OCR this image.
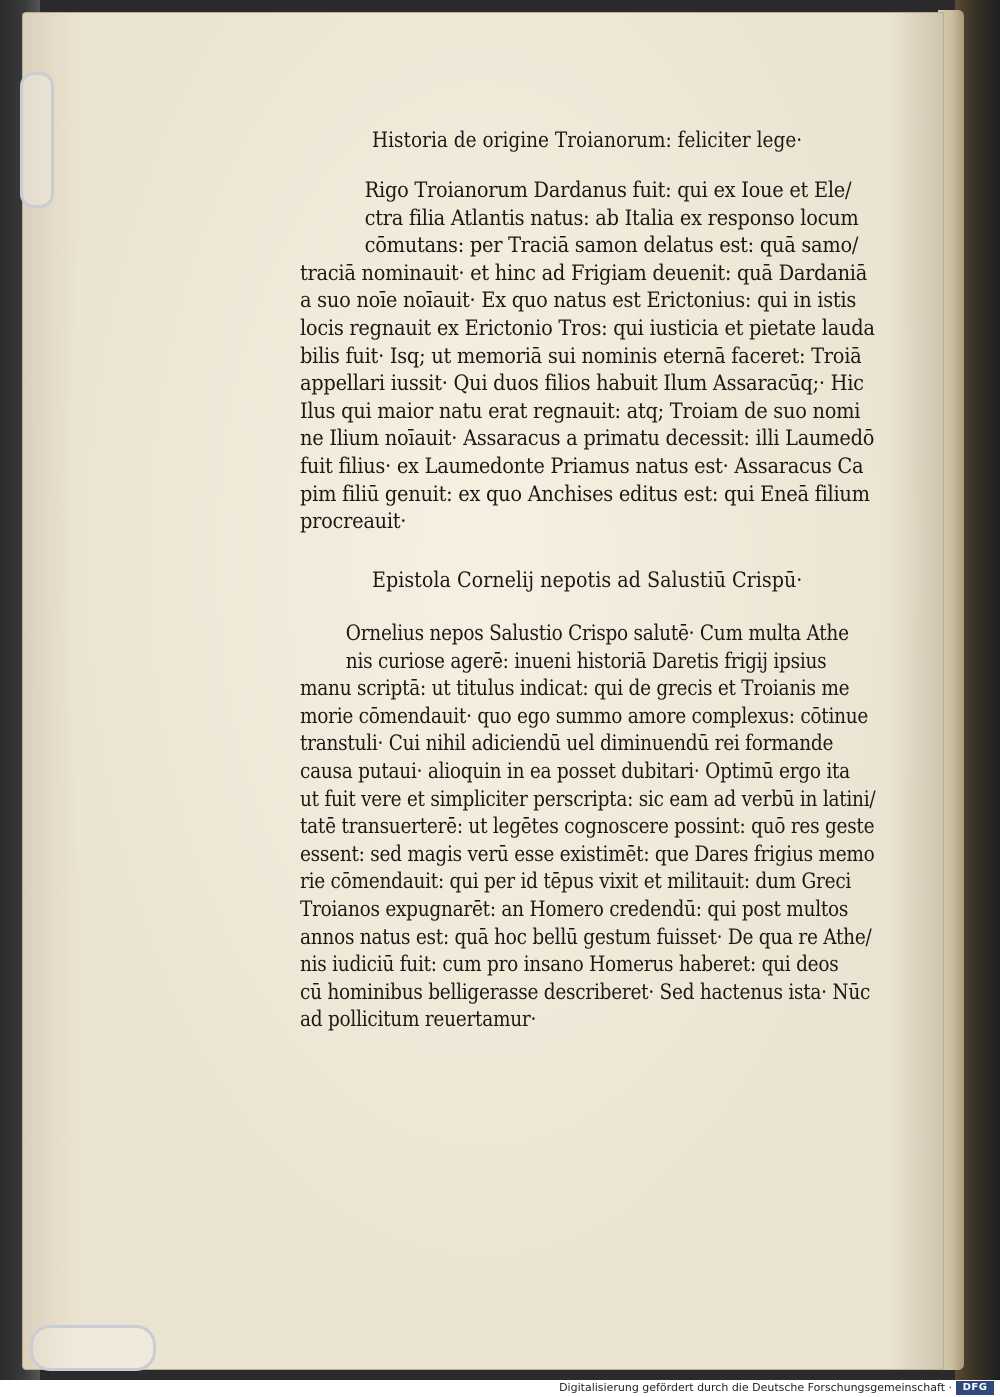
Historia de origine Troianorum: feliciter lege·
Rigo Troianorum Dardanus fuit: qui ex Ioue et Ele/
ctra filia Atlantis natus: ab Italia ex responso locum
cōmutans: per Traciā samon delatus est: quā samo/
traciā nominauit· et hinc ad Frigiam deuenit: quā Dardaniā
a suo noīe noīauit· Ex quo natus est Erictonius: qui in istis
locis regnauit ex Erictonio Tros: qui iusticia et pietate lauda
bilis fuit· Isq; ut memoriā sui nominis eternā faceret: Troiā
appellari iussit· Qui duos filios habuit Ilum Assaracūq;· Hic
Ilus qui maior natu erat regnauit: atq; Troiam de suo nomi
ne Ilium noīauit· Assaracus a primatu decessit: illi Laumedō
fuit filius· ex Laumedonte Priamus natus est· Assaracus Ca
pim filiū genuit: ex quo Anchises editus est: qui Eneā filium
procreauit·
Epistola Cornelij nepotis ad Salustiū Crispū·
Ornelius nepos Salustio Crispo salutē· Cum multa Athe
nis curiose agerē: inueni historiā Daretis frigij ipsius
manu scriptā: ut titulus indicat: qui de grecis et Troianis me
morie cōmendauit· quo ego summo amore complexus: cōtinue
transtuli· Cui nihil adiciendū uel diminuendū rei formande
causa putaui· alioquin in ea posset dubitari· Optimū ergo ita
ut fuit vere et simpliciter perscripta: sic eam ad verbū in latini/
tatē transuerterē: ut legētes cognoscere possint: quō res geste
essent: sed magis verū esse existimēt: que Dares frigius memo
rie cōmendauit: qui per id tēpus vixit et militauit: dum Greci
Troianos expugnarēt: an Homero credendū: qui post multos
annos natus est: quā hoc bellū gestum fuisset· De qua re Athe/
nis iudiciū fuit: cum pro insano Homerus haberet: qui deos
cū hominibus belligerasse describeret· Sed hactenus ista· Nūc
ad pollicitum reuertamur·
Digitalisierung gefördert durch die Deutsche Forschungsgemeinschaft ·	DFG
